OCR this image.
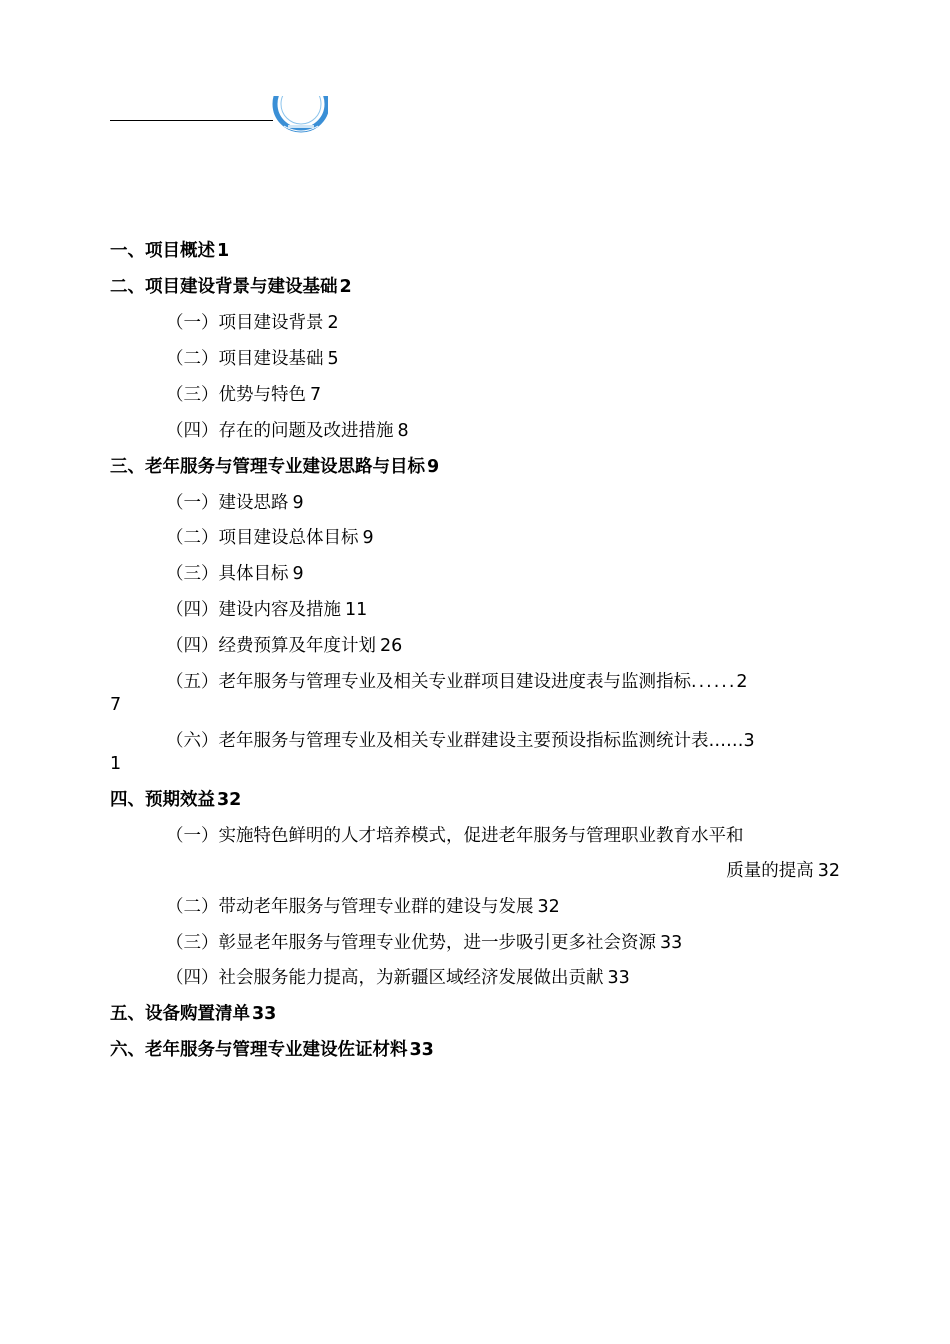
一、项目概述 1
二、项目建设背景与建设基础 2
（一）项目建设背景 2
（二）项目建设基础 5
（三）优势与特色 7
（四）存在的问题及改进措施 8
三、老年服务与管理专业建设思路与目标 9
（一）建设思路 9
（二）项目建设总体目标 9
（三）具体目标 9
（四）建设内容及措施 11
（四）经费预算及年度计划 26
（五）老年服务与管理专业及相关专业群项目建设进度表与监测指标......2
7
（六）老年服务与管理专业及相关专业群建设主要预设指标监测统计表……3
1
四、预期效益 32
（一）实施特色鲜明的人才培养模式，促进老年服务与管理职业教育水平和
质量的提高 32
（二）带动老年服务与管理专业群的建设与发展 32
（三）彰显老年服务与管理专业优势，进一步吸引更多社会资源 33
（四）社会服务能力提高，为新疆区域经济发展做出贡献 33
五、设备购置清单 33
六、老年服务与管理专业建设佐证材料 33
